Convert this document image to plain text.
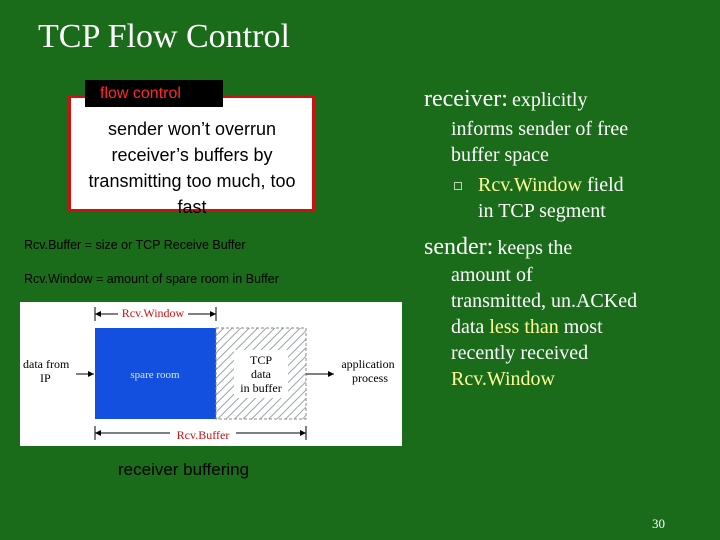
TCP Flow Control
flow control
sender won’t overrun receiver’s buffers by transmitting too much, too fast
Rcv.Buffer = size or TCP Receive Buffer
Rcv.Window = amount of spare room in Buffer
Rcv.Window
spare room
TCP
data
in buffer
data from
IP
application
process
Rcv.Buffer
receiver buffering
receiver: explicitly
informs sender of free
buffer space
Rcv.Window field
in TCP segment
sender: keeps the
amount of
transmitted, un.ACKed
data less than most
recently received
Rcv.Window
30
